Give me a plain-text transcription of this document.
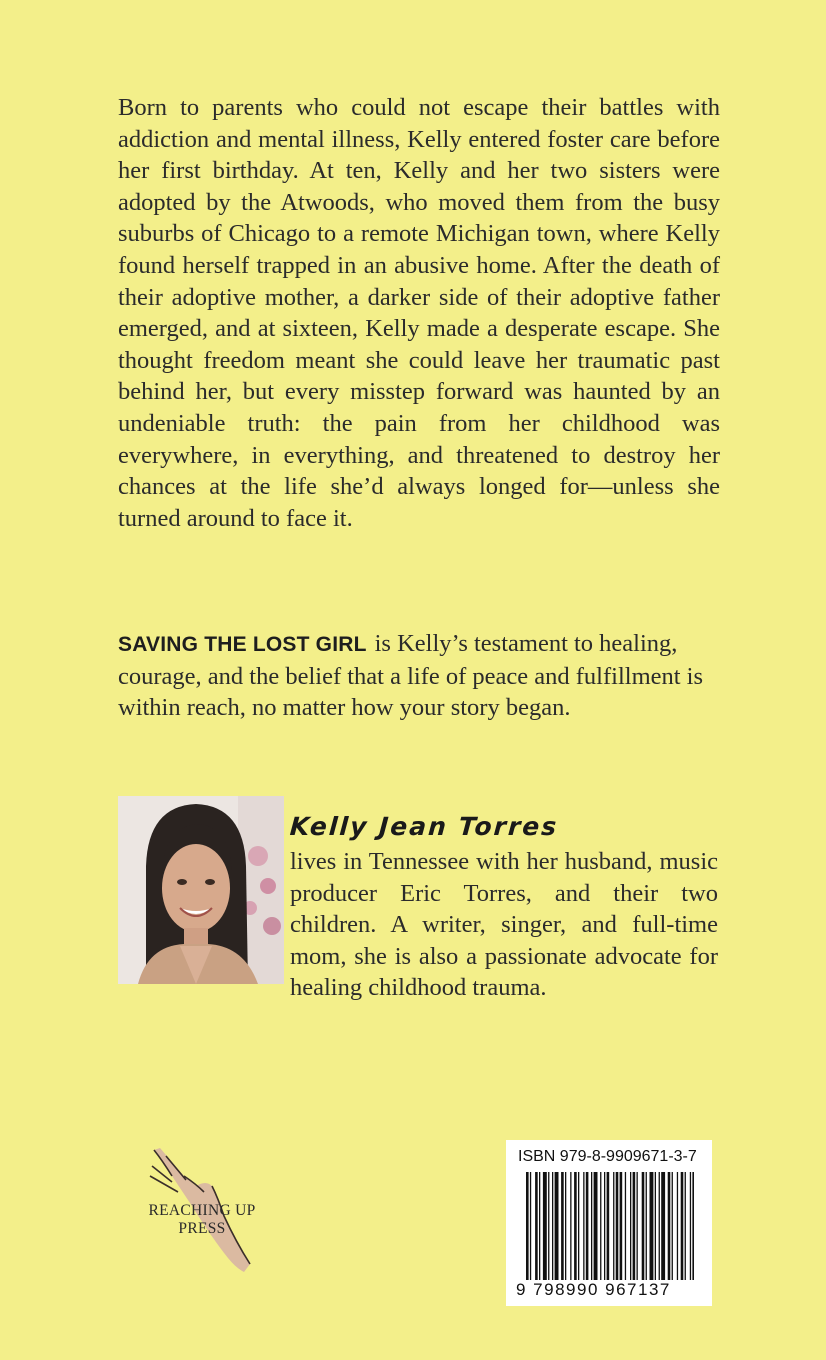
Born to parents who could not escape their battles with addiction and mental illness, Kelly entered foster care before her first birthday. At ten, Kelly and her two sisters were adopted by the Atwoods, who moved them from the busy suburbs of Chicago to a remote Michigan town, where Kelly found herself trapped in an abusive home. After the death of their adoptive mother, a darker side of their adoptive father emerged, and at sixteen, Kelly made a desperate escape. She thought freedom meant she could leave her traumatic past behind her, but every misstep forward was haunted by an undeniable truth: the pain from her childhood was everywhere, in everything, and threatened to destroy her chances at the life she’d always longed for—unless she turned around to face it.

SAVING THE LOST GIRL is Kelly’s testament to healing, courage, and the belief that a life of peace and fulfillment is within reach, no matter how your story began.

Kelly Jean Torres

lives in Tennessee with her husband, music producer Eric Torres, and their two children. A writer, singer, and full-time mom, she is also a passionate advocate for healing childhood trauma.

REACHING UP
PRESS
ISBN 979-8-9909671-3-7
9 798990 967137
